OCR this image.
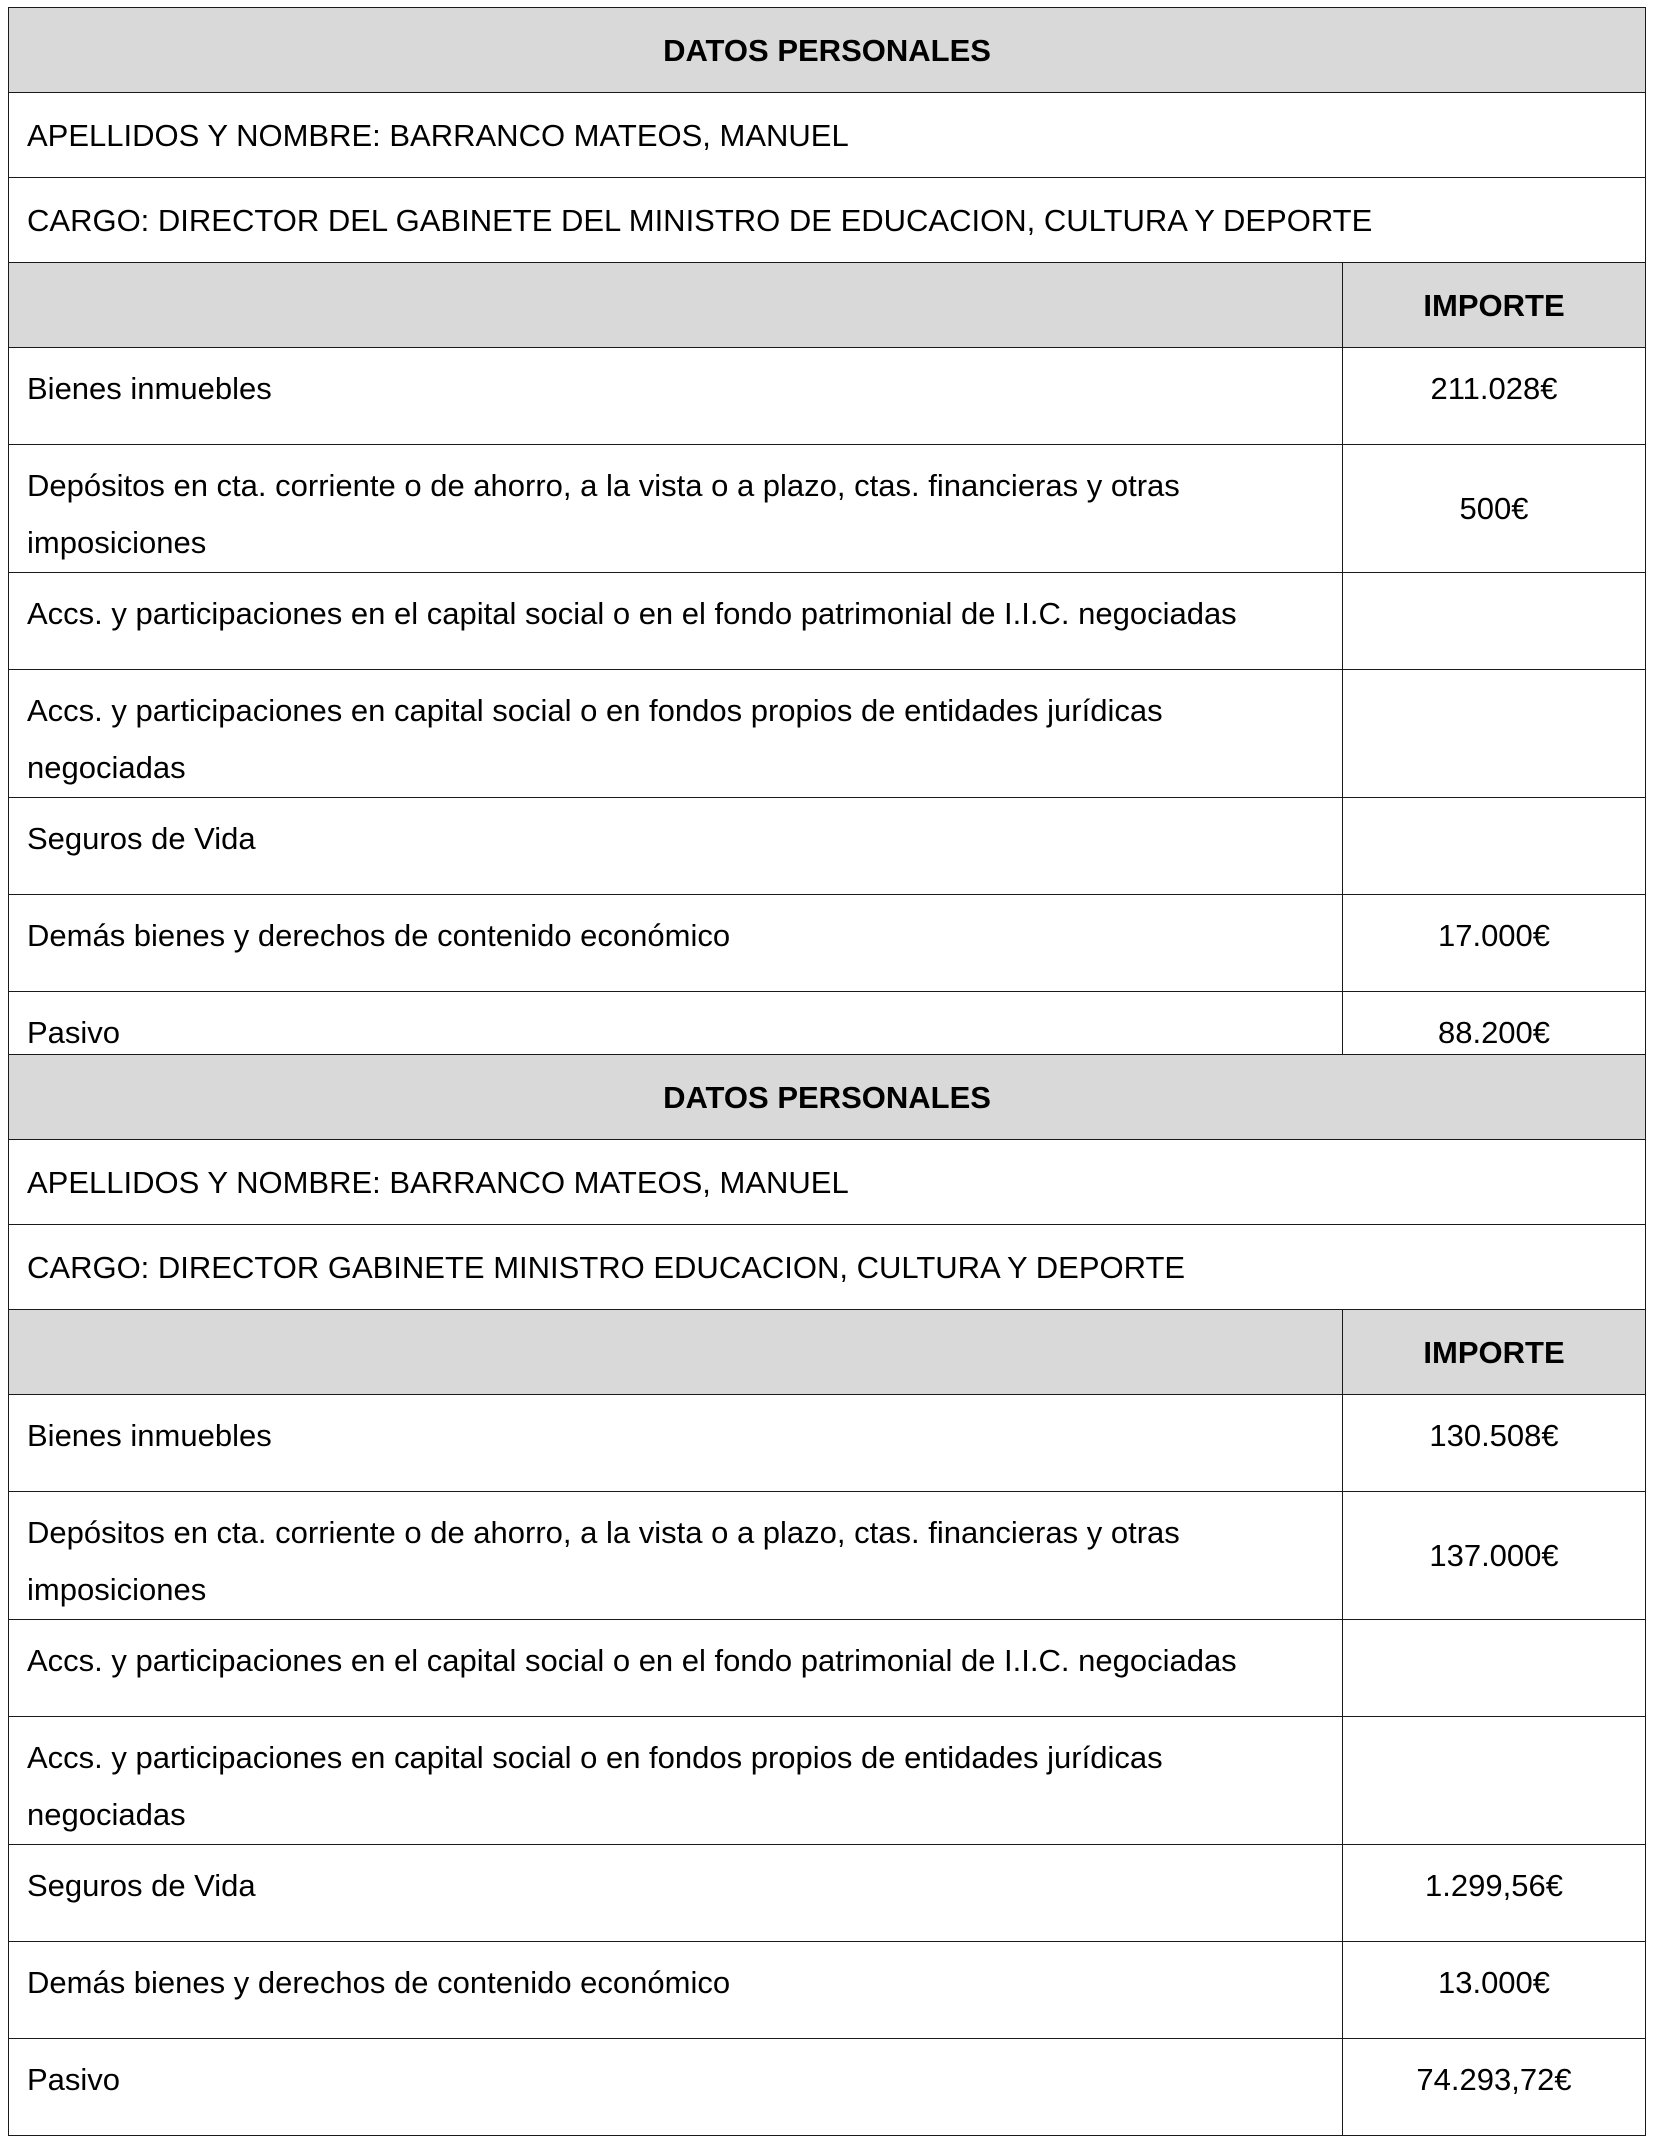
DATOS PERSONALES	
APELLIDOS Y NOMBRE: BARRANCO MATEOS, MANUEL	
CARGO: DIRECTOR DEL GABINETE DEL MINISTRO DE EDUCACION, CULTURA Y DEPORTE	
	IMPORTE
Bienes inmuebles	211.028€
Depósitos en cta. corriente o de ahorro, a la vista o a plazo, ctas. financieras y otras imposiciones	500€
Accs. y participaciones en el capital social o en el fondo patrimonial de I.I.C. negociadas	
Accs. y participaciones en capital social o en fondos propios de entidades jurídicas negociadas	
Seguros de Vida	
Demás bienes y derechos de contenido económico	17.000€
Pasivo	88.200€
DATOS PERSONALES	
APELLIDOS Y NOMBRE: BARRANCO MATEOS, MANUEL	
CARGO: DIRECTOR GABINETE MINISTRO EDUCACION, CULTURA Y DEPORTE	
	IMPORTE
Bienes inmuebles	130.508€
Depósitos en cta. corriente o de ahorro, a la vista o a plazo, ctas. financieras y otras imposiciones	137.000€
Accs. y participaciones en el capital social o en el fondo patrimonial de I.I.C. negociadas	
Accs. y participaciones en capital social o en fondos propios de entidades jurídicas negociadas	
Seguros de Vida	1.299,56€
Demás bienes y derechos de contenido económico	13.000€
Pasivo	74.293,72€
